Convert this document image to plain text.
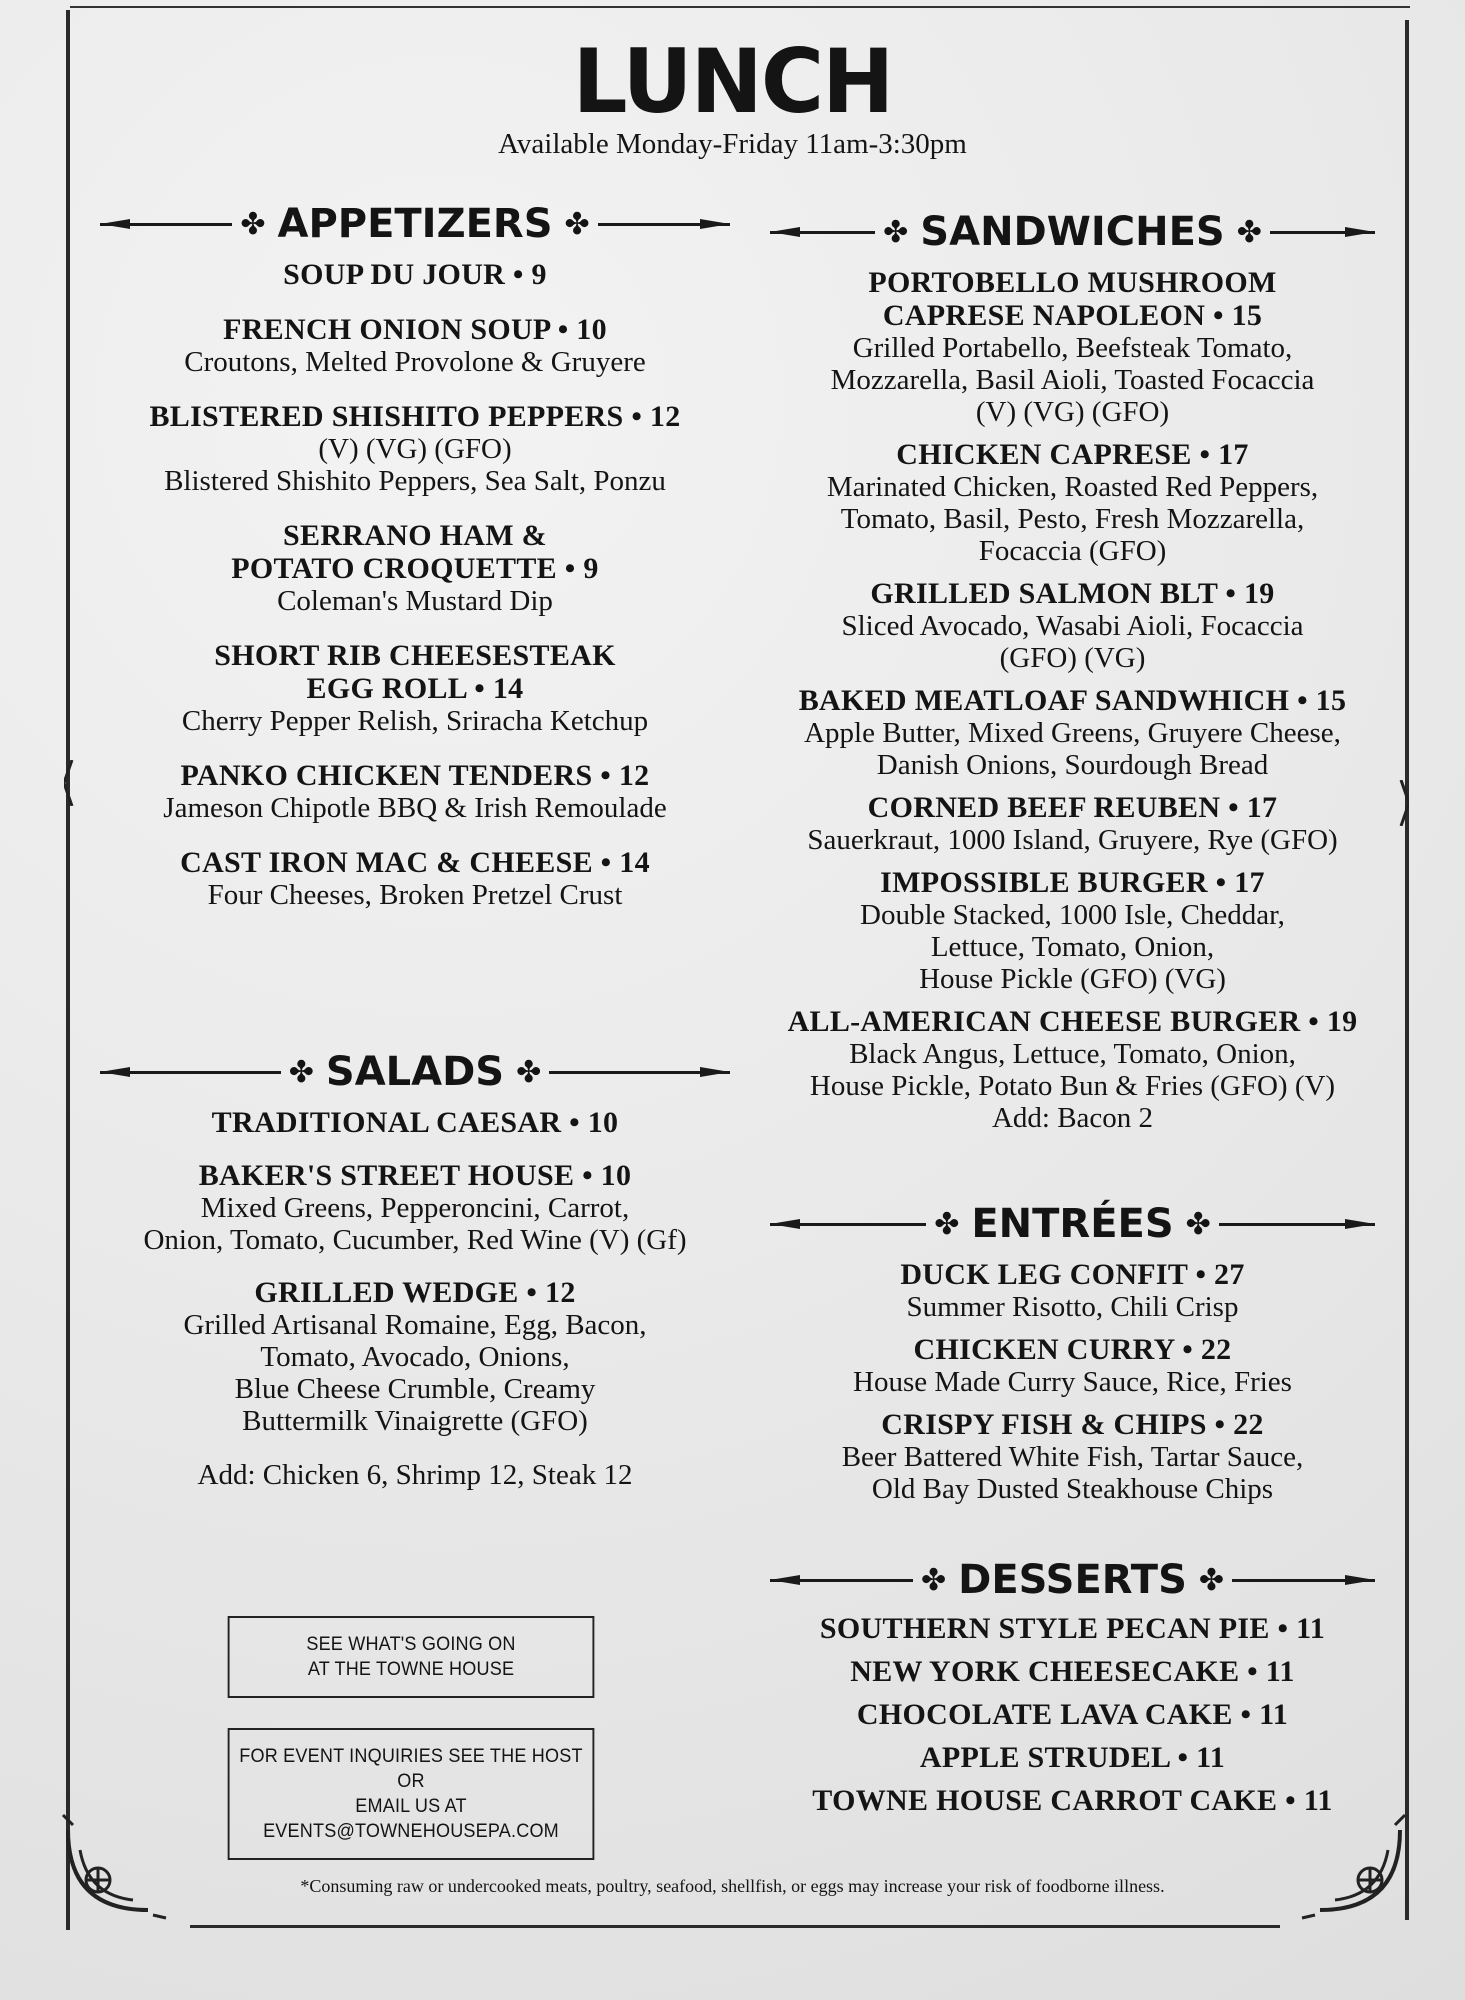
LUNCH
Available Monday-Friday 11am-3:30pm
✤ APPETIZERS ✤
SOUP DU JOUR • 9
FRENCH ONION SOUP • 10
Croutons, Melted Provolone & Gruyere
BLISTERED SHISHITO PEPPERS • 12
(V) (VG) (GFO)
Blistered Shishito Peppers, Sea Salt, Ponzu
SERRANO HAM &
POTATO CROQUETTE • 9
Coleman's Mustard Dip
SHORT RIB CHEESESTEAK
EGG ROLL • 14
Cherry Pepper Relish, Sriracha Ketchup
PANKO CHICKEN TENDERS • 12
Jameson Chipotle BBQ & Irish Remoulade
CAST IRON MAC & CHEESE • 14
Four Cheeses, Broken Pretzel Crust
✤ SALADS ✤
TRADITIONAL CAESAR • 10
BAKER'S STREET HOUSE • 10
Mixed Greens, Pepperoncini, Carrot,
Onion, Tomato, Cucumber, Red Wine (V) (Gf)
GRILLED WEDGE • 12
Grilled Artisanal Romaine, Egg, Bacon,
Tomato, Avocado, Onions,
Blue Cheese Crumble, Creamy
Buttermilk Vinaigrette (GFO)
Add: Chicken 6, Shrimp 12, Steak 12
SEE WHAT'S GOING ON
AT THE TOWNE HOUSE
FOR EVENT INQUIRIES SEE THE HOST OR
EMAIL US AT EVENTS@TOWNEHOUSEPA.COM
✤ SANDWICHES ✤
PORTOBELLO MUSHROOM
CAPRESE NAPOLEON • 15
Grilled Portabello, Beefsteak Tomato,
Mozzarella, Basil Aioli, Toasted Focaccia
(V) (VG) (GFO)
CHICKEN CAPRESE • 17
Marinated Chicken, Roasted Red Peppers,
Tomato, Basil, Pesto, Fresh Mozzarella,
Focaccia (GFO)
GRILLED SALMON BLT • 19
Sliced Avocado, Wasabi Aioli, Focaccia
(GFO) (VG)
BAKED MEATLOAF SANDWHICH • 15
Apple Butter, Mixed Greens, Gruyere Cheese,
Danish Onions, Sourdough Bread
CORNED BEEF REUBEN • 17
Sauerkraut, 1000 Island, Gruyere, Rye (GFO)
IMPOSSIBLE BURGER • 17
Double Stacked, 1000 Isle, Cheddar,
Lettuce, Tomato, Onion,
House Pickle (GFO) (VG)
ALL-AMERICAN CHEESE BURGER • 19
Black Angus, Lettuce, Tomato, Onion,
House Pickle, Potato Bun & Fries (GFO) (V)
Add: Bacon 2
✤ ENTRÉES ✤
DUCK LEG CONFIT • 27
Summer Risotto, Chili Crisp
CHICKEN CURRY • 22
House Made Curry Sauce, Rice, Fries
CRISPY FISH & CHIPS • 22
Beer Battered White Fish, Tartar Sauce,
Old Bay Dusted Steakhouse Chips
✤ DESSERTS ✤
SOUTHERN STYLE PECAN PIE • 11
NEW YORK CHEESECAKE • 11
CHOCOLATE LAVA CAKE • 11
APPLE STRUDEL • 11
TOWNE HOUSE CARROT CAKE • 11
*Consuming raw or undercooked meats, poultry, seafood, shellfish, or eggs may increase your risk of foodborne illness.
